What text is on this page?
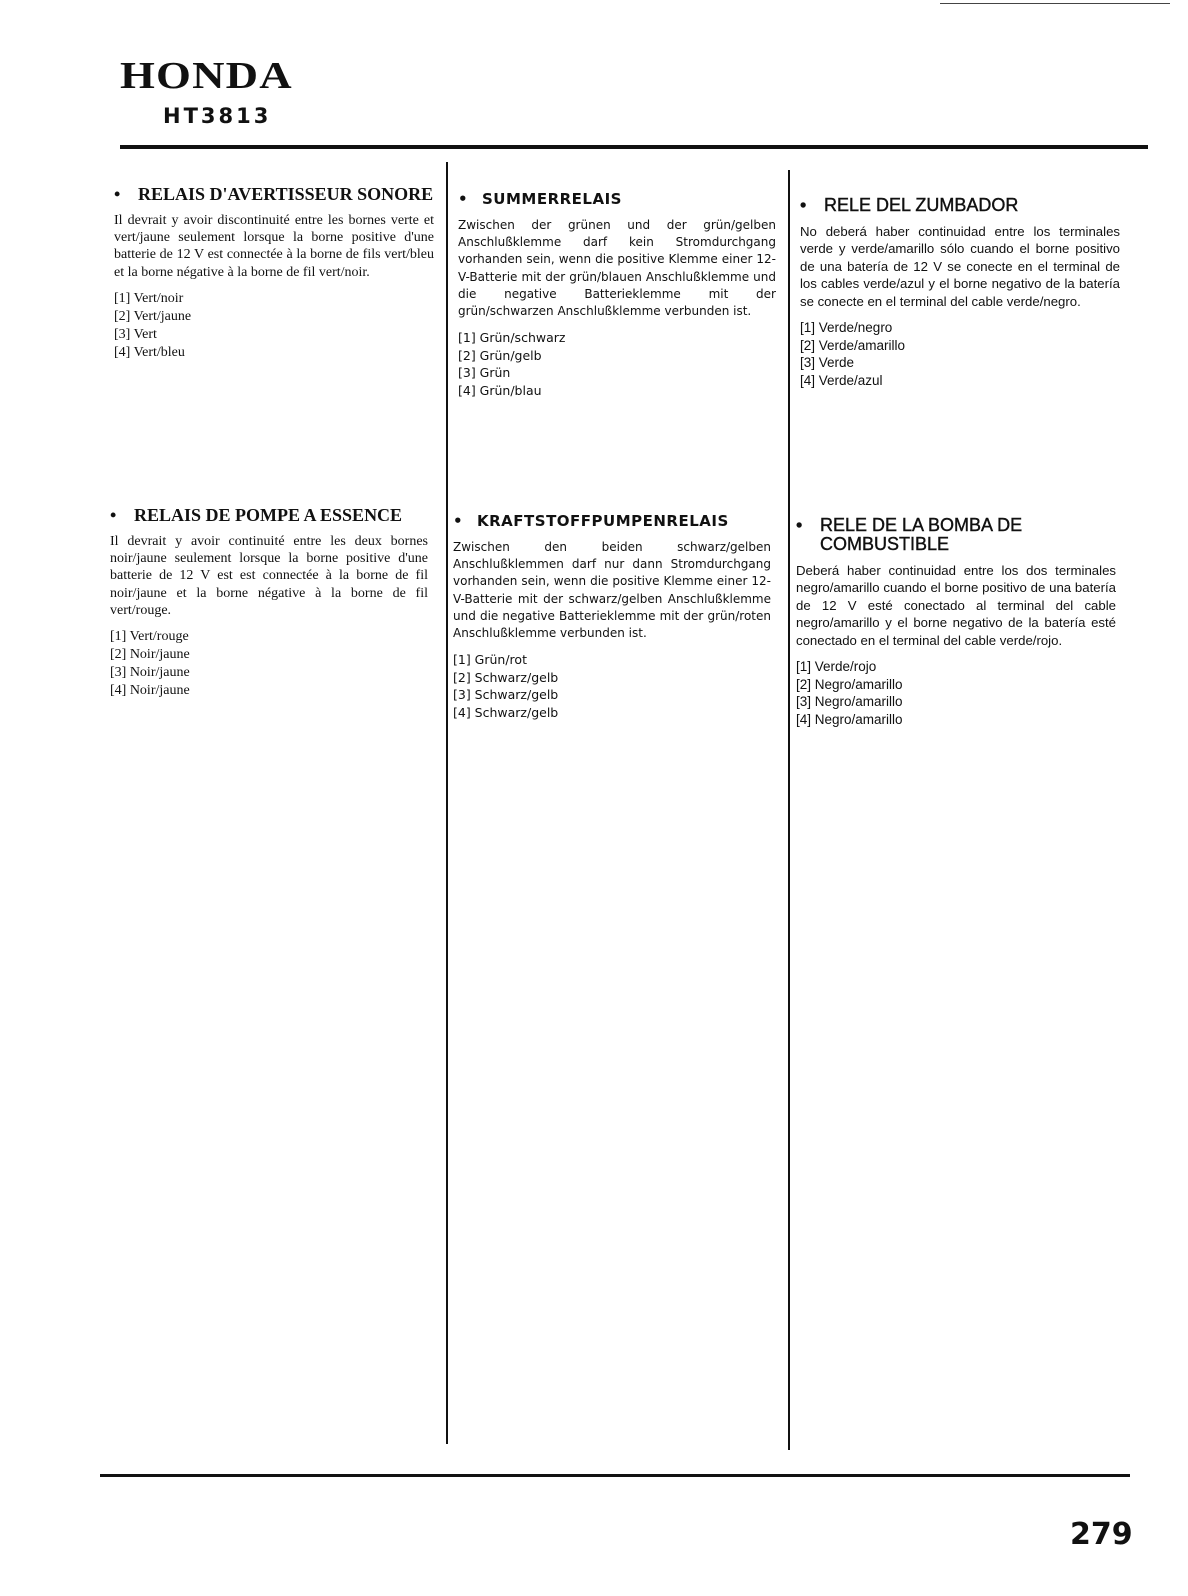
HONDA
HT3813
• RELAIS D'AVERTISSEUR SONORE

Il devrait y avoir discontinuité entre les bornes verte et vert/jaune seulement lorsque la borne positive d'une batterie de 12 V est connectée à la borne de fils vert/bleu et la borne négative à la borne de fil vert/noir.

[1] Vert/noir
[2] Vert/jaune
[3] Vert
[4] Vert/bleu
• SUMMERRELAIS

Zwischen der grünen und der grün/gelben Anschlußklemme darf kein Stromdurchgang vorhanden sein, wenn die positive Klemme einer 12-V-Batterie mit der grün/blauen Anschlußklemme und die negative Batterieklemme mit der grün/schwarzen Anschlußklemme verbunden ist.

[1] Grün/schwarz
[2] Grün/gelb
[3] Grün
[4] Grün/blau
• RELE DEL ZUMBADOR

No deberá haber continuidad entre los terminales verde y verde/amarillo sólo cuando el borne positivo de una batería de 12 V se conecte en el terminal de los cables verde/azul y el borne negativo de la batería se conecte en el terminal del cable verde/negro.

[1] Verde/negro
[2] Verde/amarillo
[3] Verde
[4] Verde/azul
• RELAIS DE POMPE A ESSENCE

Il devrait y avoir continuité entre les deux bornes noir/jaune seulement lorsque la borne positive d'une batterie de 12 V est est connectée à la borne de fil noir/jaune et la borne négative à la borne de fil vert/rouge.

[1] Vert/rouge
[2] Noir/jaune
[3] Noir/jaune
[4] Noir/jaune
• KRAFTSTOFFPUMPENRELAIS

Zwischen den beiden schwarz/gelben Anschlußklemmen darf nur dann Stromdurchgang vorhanden sein, wenn die positive Klemme einer 12-V-Batterie mit der schwarz/gelben Anschlußklemme und die negative Batterieklemme mit der grün/roten Anschlußklemme verbunden ist.

[1] Grün/rot
[2] Schwarz/gelb
[3] Schwarz/gelb
[4] Schwarz/gelb
• RELE DE LA BOMBA DE COMBUSTIBLE

Deberá haber continuidad entre los dos terminales negro/amarillo cuando el borne positivo de una batería de 12 V esté conectado al terminal del cable negro/amarillo y el borne negativo de la batería esté conectado en el terminal del cable verde/rojo.

[1] Verde/rojo
[2] Negro/amarillo
[3] Negro/amarillo
[4] Negro/amarillo
279
